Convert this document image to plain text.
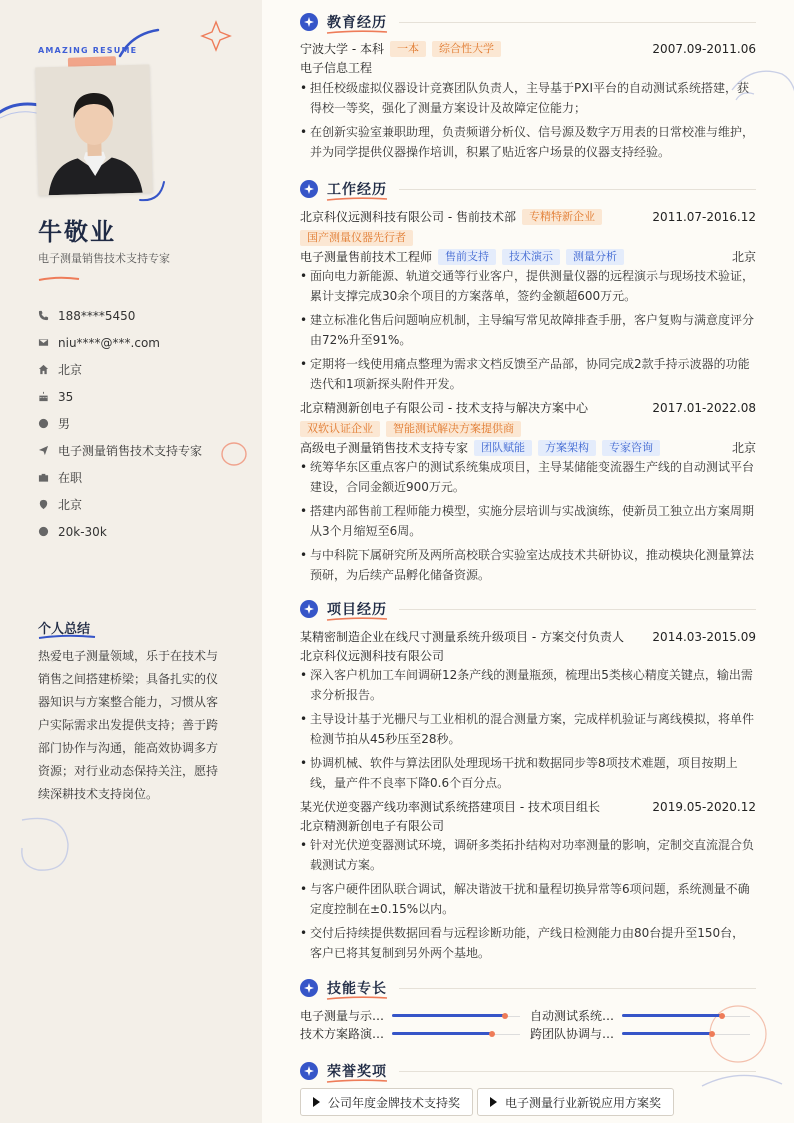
AMAZING RESUME
牛敬业
电子测量销售技术支持专家
188****5450
niu****@***.com
北京
35
男
电子测量销售技术支持专家
在职
北京
20k-30k
个人总结
热爱电子测量领域，乐于在技术与销售之间搭建桥梁；具备扎实的仪器知识与方案整合能力，习惯从客户实际需求出发提供支持；善于跨部门协作与沟通，能高效协调多方资源；对行业动态保持关注，愿持续深耕技术支持岗位。
教育经历
宁波大学 - 本科	一本	综合性大学	2007.09-2011.06
电子信息工程
• 担任校级虚拟仪器设计竞赛团队负责人，主导基于PXI平台的自动测试系统搭建，获得校一等奖，强化了测量方案设计及故障定位能力；
• 在创新实验室兼职助理，负责频谱分析仪、信号源及数字万用表的日常校准与维护，并为同学提供仪器操作培训，积累了贴近客户场景的仪器支持经验。
工作经历
北京科仪远测科技有限公司 - 售前技术部	专精特新企业	2011.07-2016.12
国产测量仪器先行者
电子测量售前技术工程师	售前支持	技术演示	测量分析	北京
• 面向电力新能源、轨道交通等行业客户，提供测量仪器的远程演示与现场技术验证，累计支撑完成30余个项目的方案落单，签约金额超600万元。
• 建立标准化售后问题响应机制，主导编写常见故障排查手册，客户复购与满意度评分由72%升至91%。
• 定期将一线使用痛点整理为需求文档反馈至产品部，协同完成2款手持示波器的功能迭代和1项新探头附件开发。
北京精测新创电子有限公司 - 技术支持与解决方案中心	2017.01-2022.08
双软认证企业	智能测试解决方案提供商
高级电子测量销售技术支持专家	团队赋能	方案架构	专家咨询	北京
• 统筹华东区重点客户的测试系统集成项目，主导某储能变流器生产线的自动测试平台建设，合同金额近900万元。
• 搭建内部售前工程师能力模型，实施分层培训与实战演练，使新员工独立出方案周期从3个月缩短至6周。
• 与中科院下属研究所及两所高校联合实验室达成技术共研协议，推动模块化测量算法预研，为后续产品孵化储备资源。
项目经历
某精密制造企业在线尺寸测量系统升级项目 - 方案交付负责人 2014.03-2015.09
北京科仪远测科技有限公司
• 深入客户机加工车间调研12条产线的测量瓶颈，梳理出5类核心精度关键点，输出需求分析报告。
• 主导设计基于光栅尺与工业相机的混合测量方案，完成样机验证与离线模拟，将单件检测节拍从45秒压至28秒。
• 协调机械、软件与算法团队处理现场干扰和数据同步等8项技术难题，项目按期上线，量产件不良率下降0.6个百分点。
某光伏逆变器产线功率测试系统搭建项目 - 技术项目组长	2019.05-2020.12
北京精测新创电子有限公司
• 针对光伏逆变器测试环境，调研多类拓扑结构对功率测量的影响，定制交直流混合负载测试方案。
• 与客户硬件团队联合调试，解决谐波干扰和量程切换异常等6项问题，系统测量不确定度控制在±0.15%以内。
• 交付后持续提供数据回看与远程诊断功能，产线日检测能力由80台提升至150台，客户已将其复制到另外两个基地。
技能专长
电子测量与示…	自动测试系统…
技术方案路演…	跨团队协调与…
荣誉奖项
公司年度金牌技术支持奖	电子测量行业新锐应用方案奖
